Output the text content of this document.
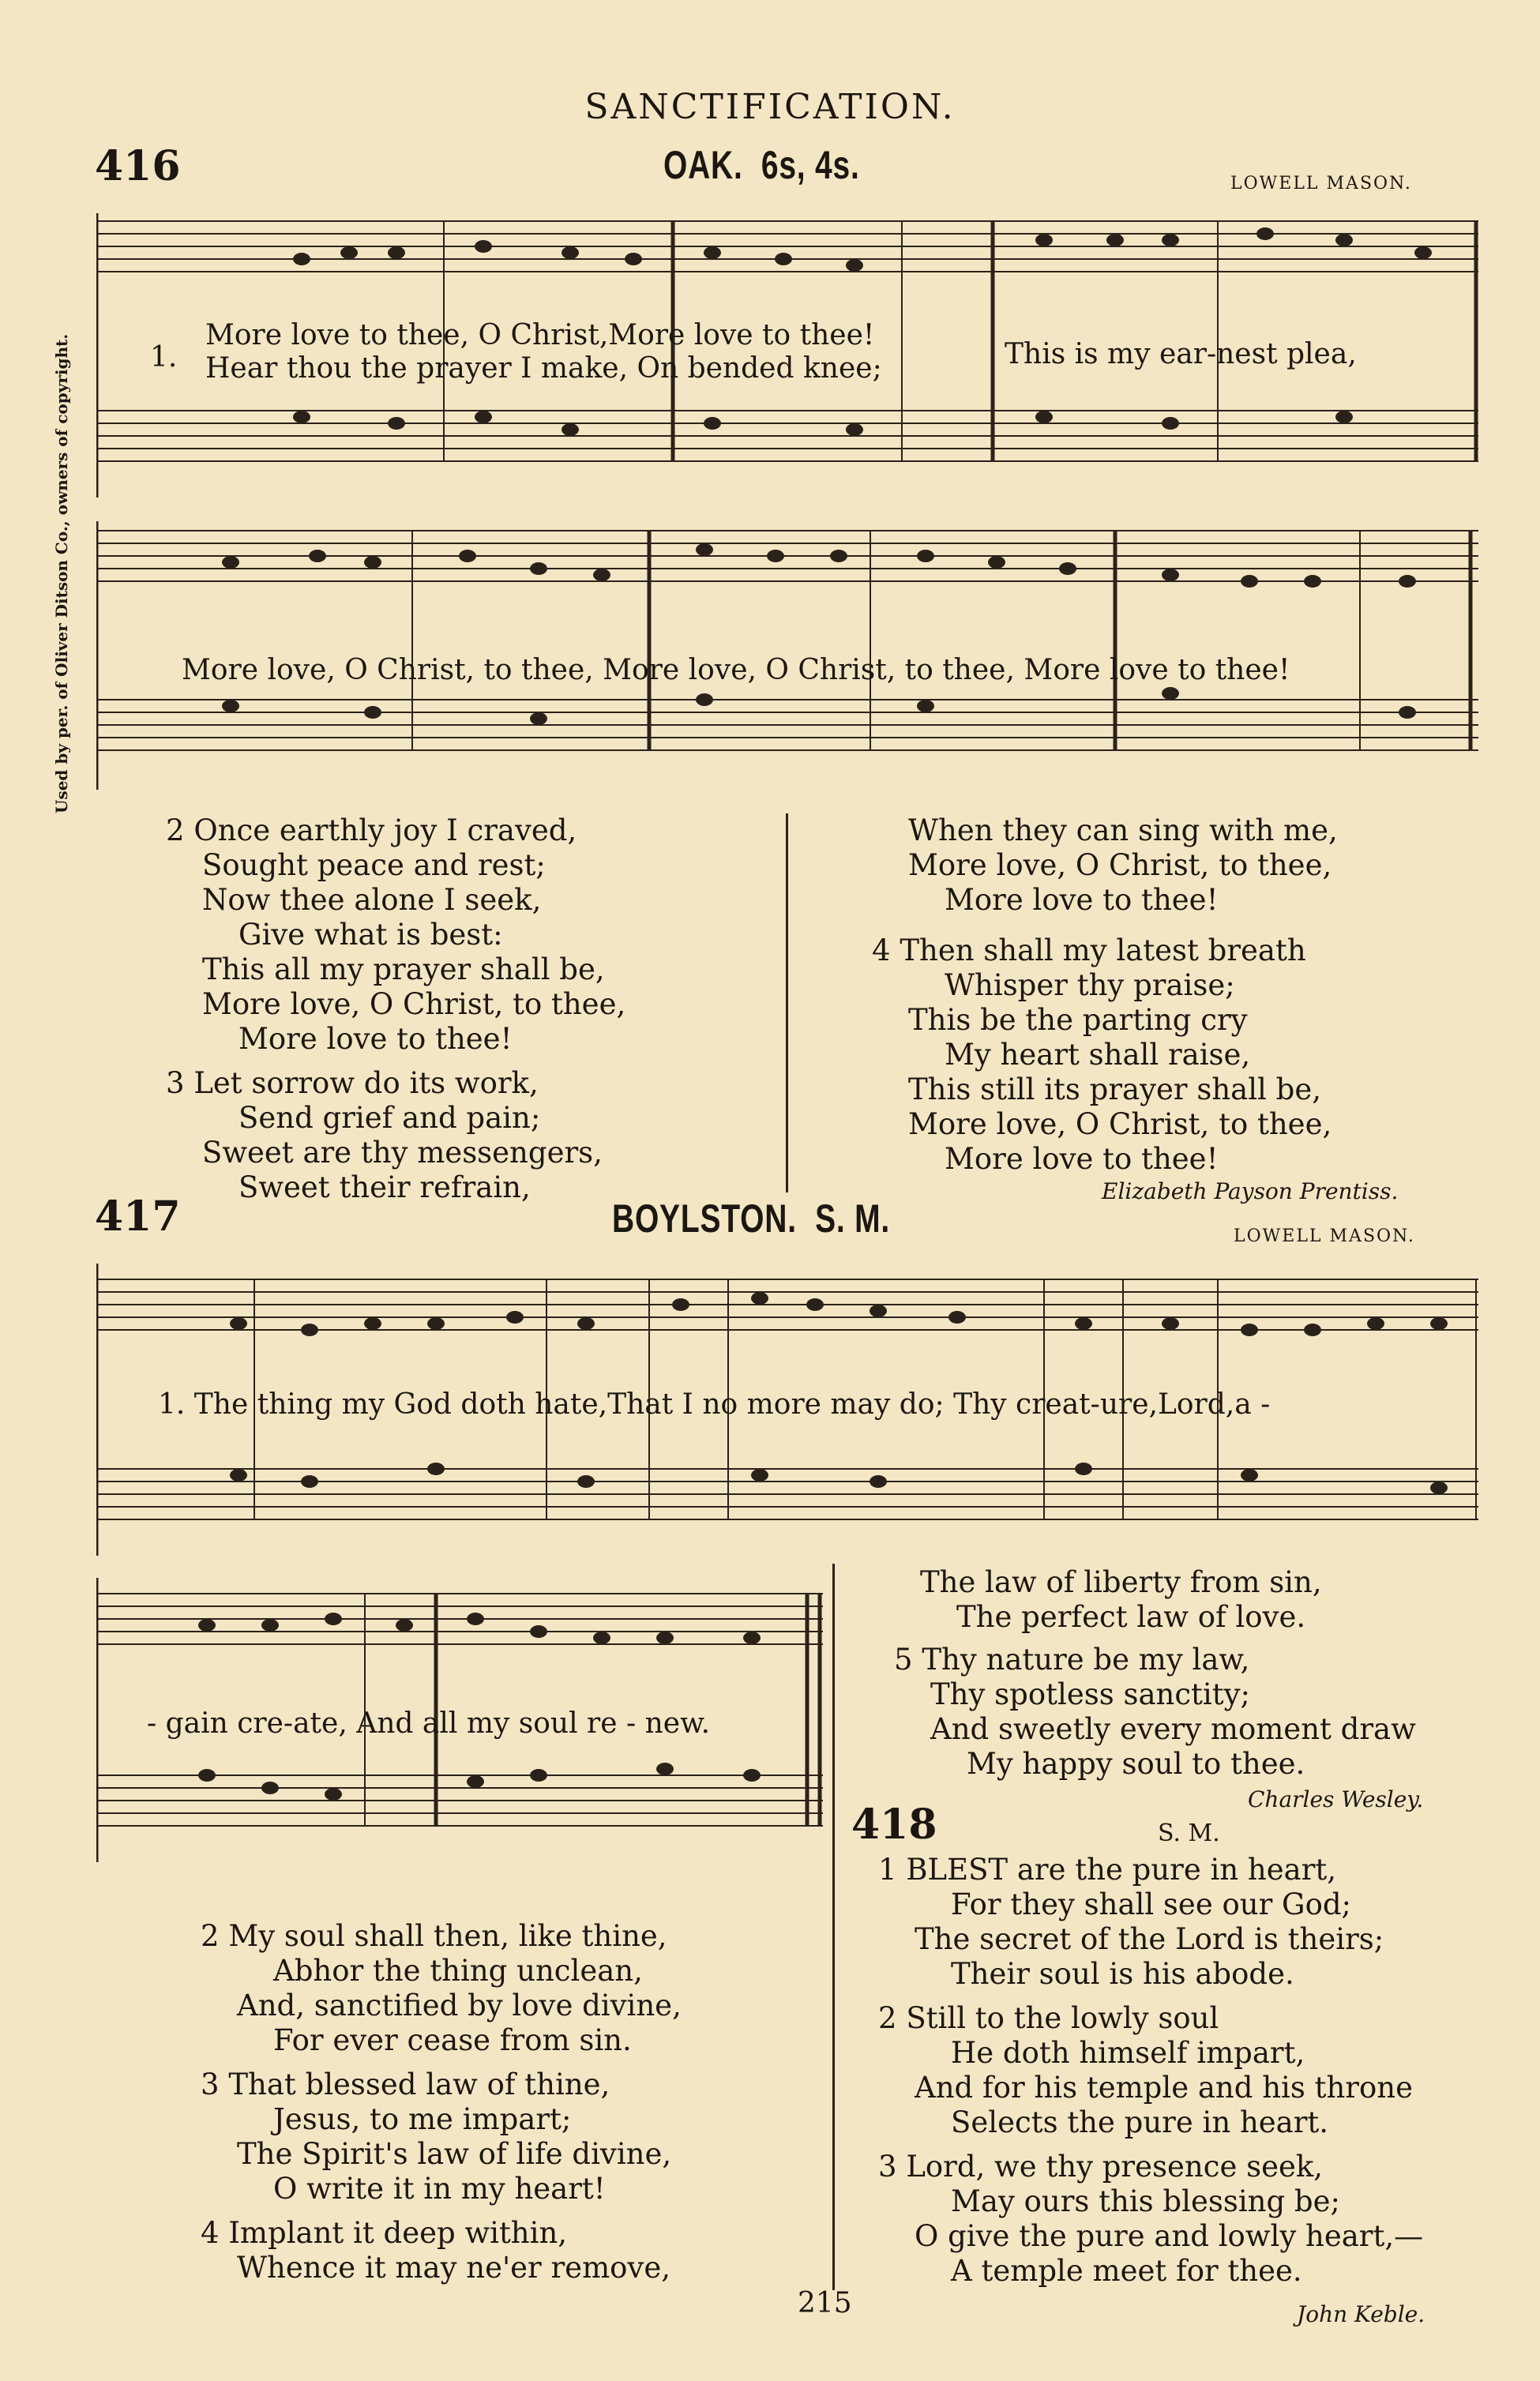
SANCTIFICATION.
Used by per. of Oliver Ditson Co., owners of copyright.
416	OAK. 6s, 4s.	LOWELL MASON.
1.
More love to thee, O Christ,More love to thee!
Hear thou the prayer I make, On bended knee;	This is my ear-nest plea,
More love, O Christ, to thee, More love, O Christ, to thee, More love to thee!
2 Once earthly joy I craved,
Sought peace and rest;
Now thee alone I seek,
Give what is best:
This all my prayer shall be,
More love, O Christ, to thee,
More love to thee!
3 Let sorrow do its work,
Send grief and pain;
Sweet are thy messengers,
Sweet their refrain,
When they can sing with me,
More love, O Christ, to thee,
More love to thee!
4 Then shall my latest breath
Whisper thy praise;
This be the parting cry
My heart shall raise,
This still its prayer shall be,
More love, O Christ, to thee,
More love to thee!
Elizabeth Payson Prentiss.
417	BOYLSTON. S. M.	LOWELL MASON.
1. The thing my God doth hate,That I no more may do; Thy creat-ure,Lord,a -
- gain cre-ate, And all my soul re - new.
The law of liberty from sin,
The perfect law of love.
5 Thy nature be my law,
Thy spotless sanctity;
And sweetly every moment draw
My happy soul to thee.
Charles Wesley.
2 My soul shall then, like thine,
Abhor the thing unclean,
And, sanctified by love divine,
For ever cease from sin.
3 That blessed law of thine,
Jesus, to me impart;
The Spirit's law of life divine,
O write it in my heart!
4 Implant it deep within,
Whence it may ne'er remove,
418	S. M.
1 BLEST are the pure in heart,
For they shall see our God;
The secret of the Lord is theirs;
Their soul is his abode.
2 Still to the lowly soul
He doth himself impart,
And for his temple and his throne
Selects the pure in heart.
3 Lord, we thy presence seek,
May ours this blessing be;
O give the pure and lowly heart,—
A temple meet for thee.
John Keble.
215
